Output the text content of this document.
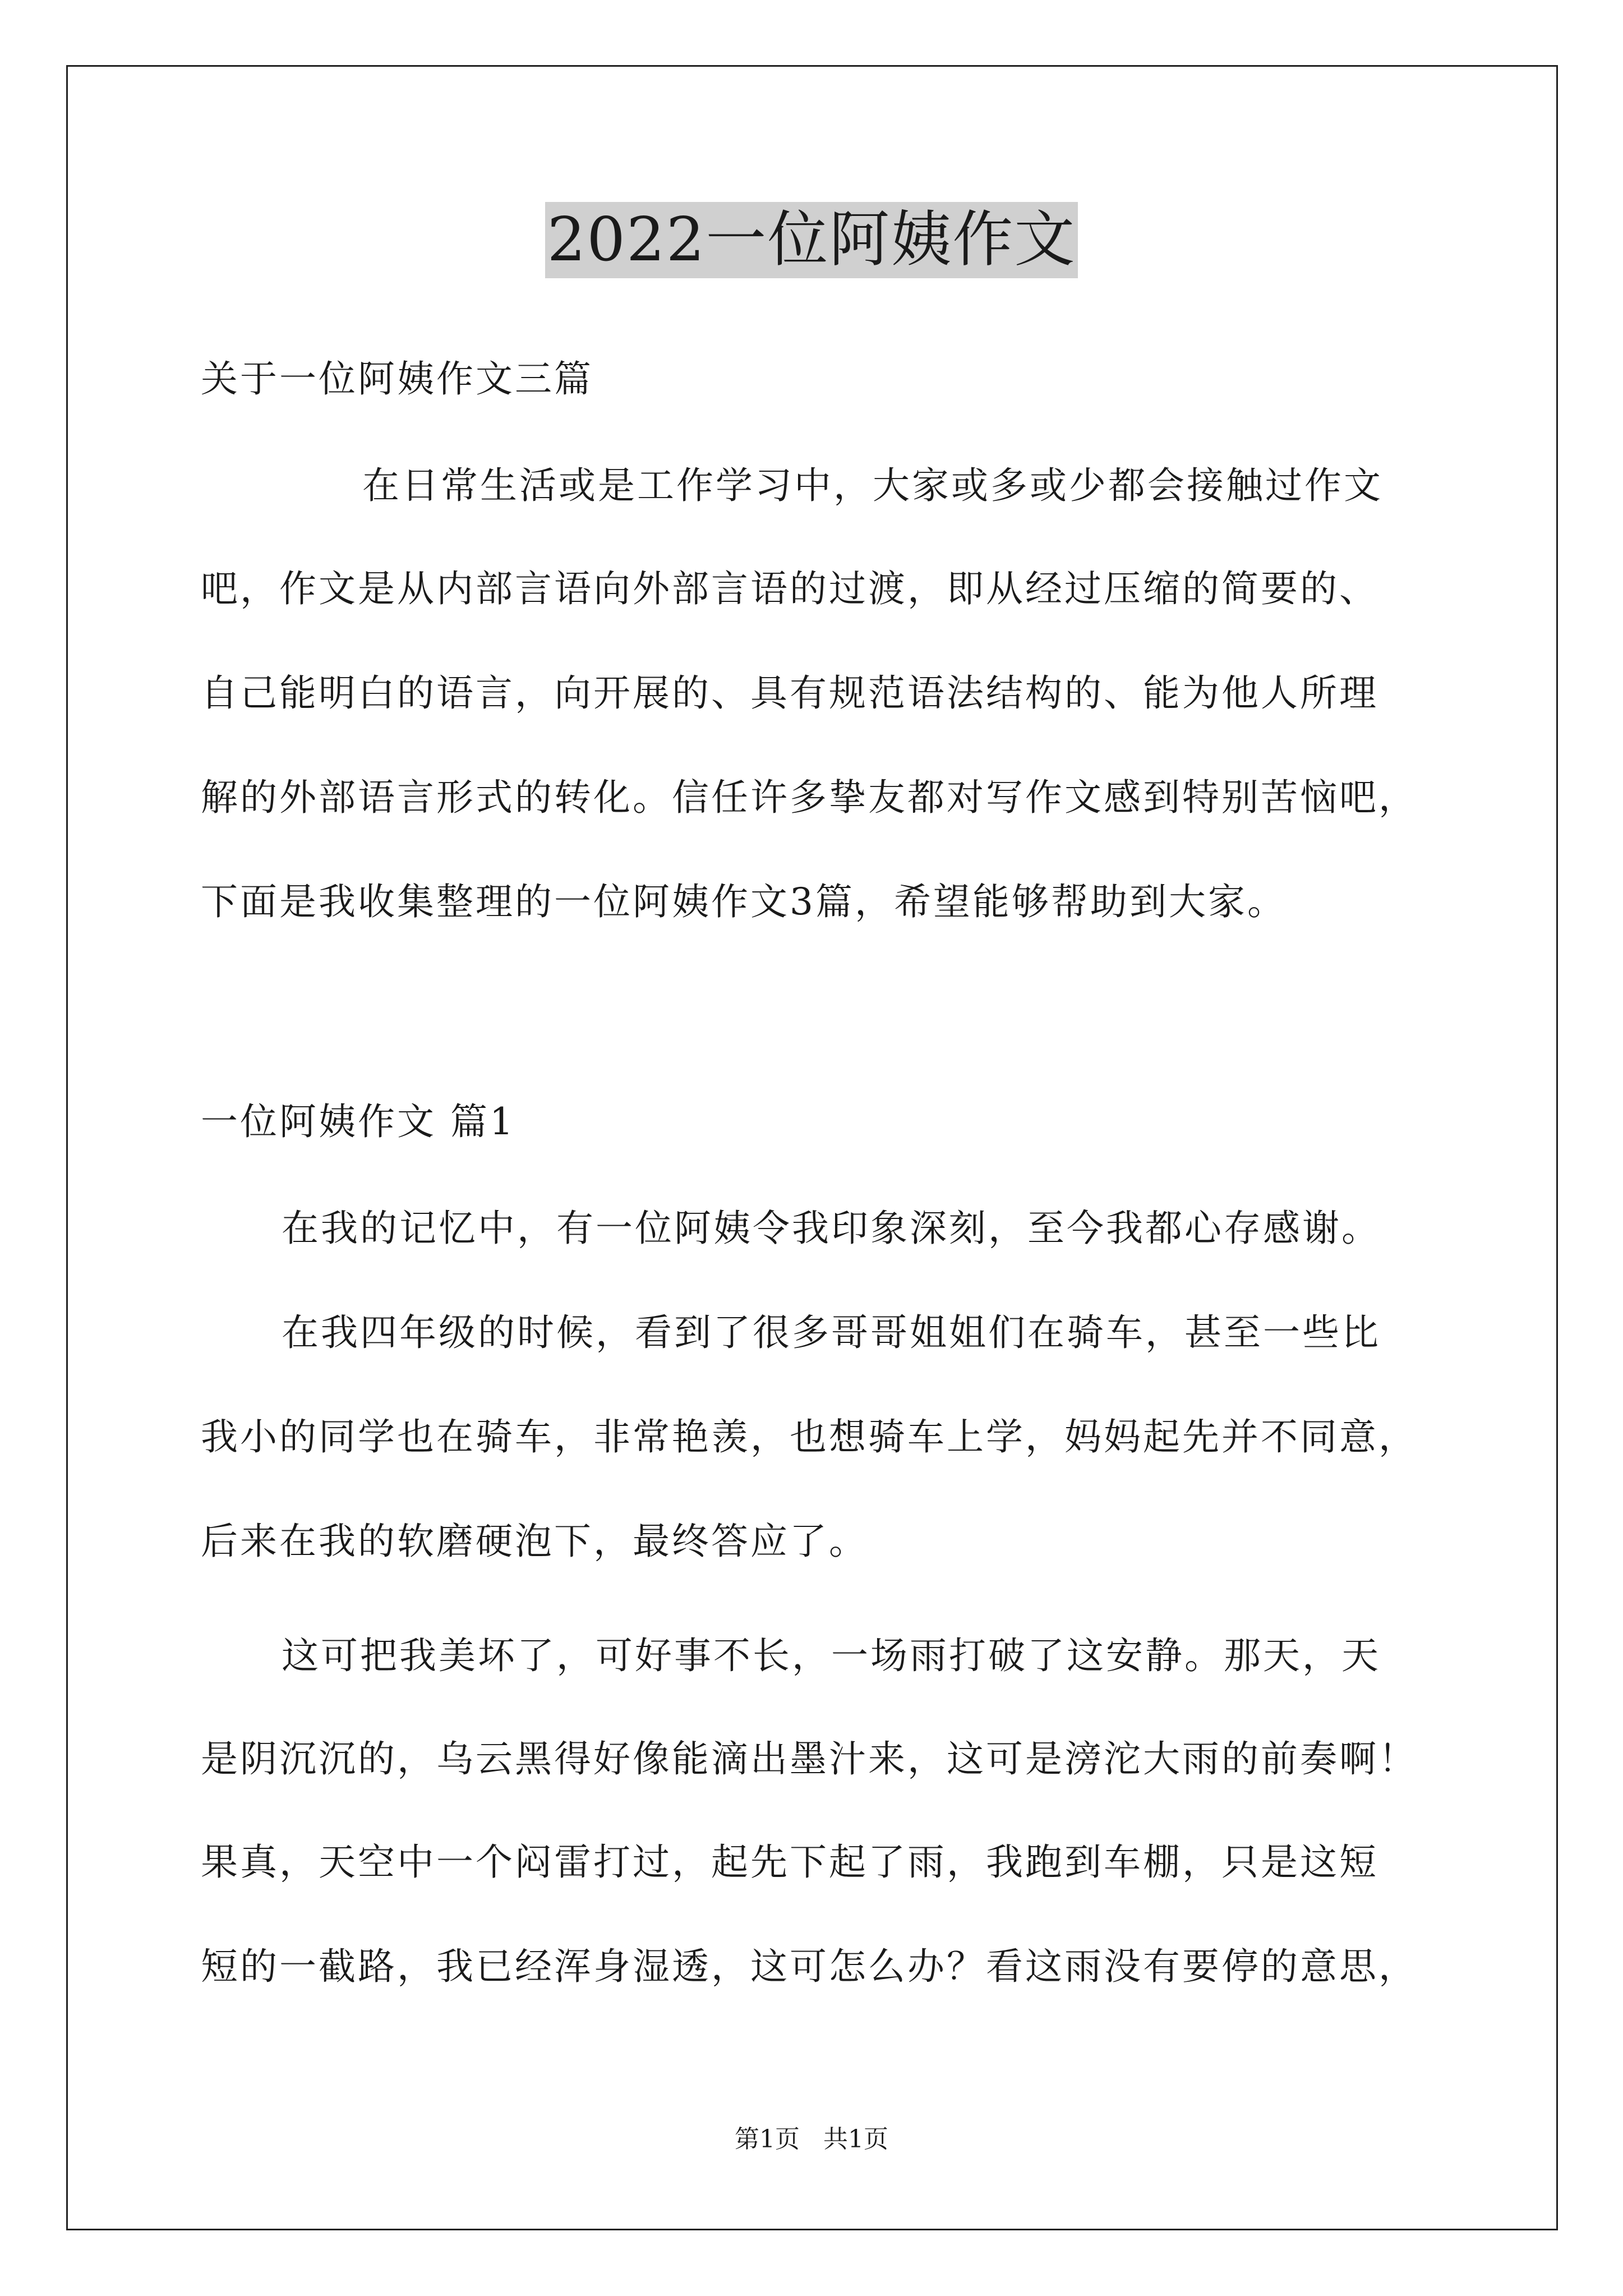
2022一位阿姨作文
关于一位阿姨作文三篇
在日常生活或是工作学习中，大家或多或少都会接触过作文
吧，作文是从内部言语向外部言语的过渡，即从经过压缩的简要的、
自己能明白的语言，向开展的、具有规范语法结构的、能为他人所理
解的外部语言形式的转化。信任许多挚友都对写作文感到特别苦恼吧，
下面是我收集整理的一位阿姨作文3篇，希望能够帮助到大家。
一位阿姨作文 篇1
在我的记忆中，有一位阿姨令我印象深刻，至今我都心存感谢。
在我四年级的时候，看到了很多哥哥姐姐们在骑车，甚至一些比
我小的同学也在骑车，非常艳羡，也想骑车上学，妈妈起先并不同意，
后来在我的软磨硬泡下，最终答应了。
这可把我美坏了，可好事不长，一场雨打破了这安静。那天，天
是阴沉沉的，乌云黑得好像能滴出墨汁来，这可是滂沱大雨的前奏啊！
果真，天空中一个闷雷打过，起先下起了雨，我跑到车棚，只是这短
短的一截路，我已经浑身湿透，这可怎么办？看这雨没有要停的意思，
第1页   共1页
